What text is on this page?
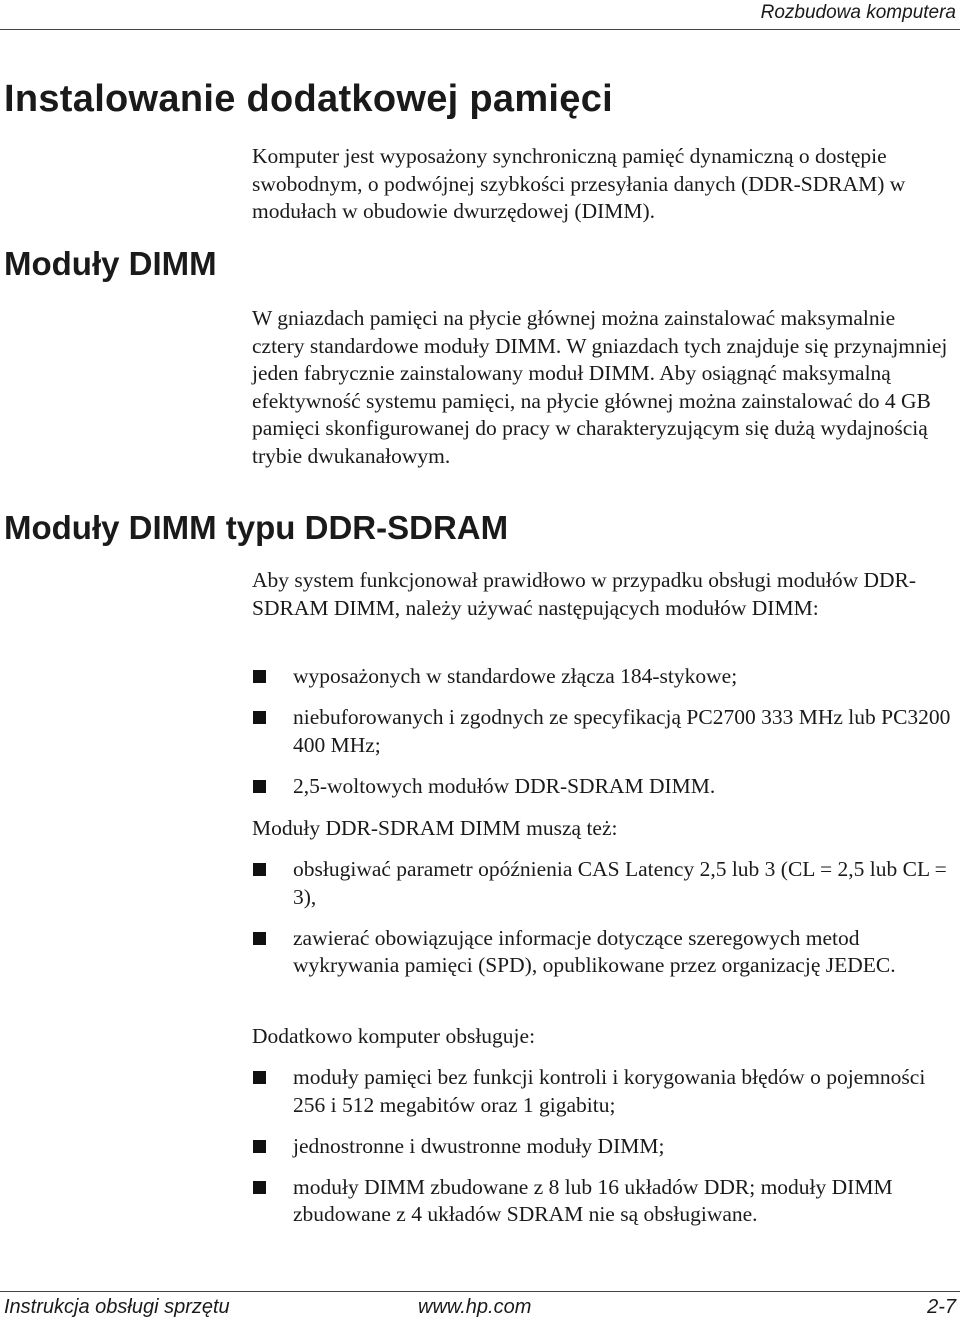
Rozbudowa komputera
Instalowanie dodatkowej pamięci

Komputer jest wyposażony synchroniczną pamięć dynamiczną o dostępie swobodnym, o podwójnej szybkości przesyłania danych (DDR-SDRAM) w modułach w obudowie dwurzędowej (DIMM).

Moduły DIMM

W gniazdach pamięci na płycie głównej można zainstalować maksymalnie cztery standardowe moduły DIMM. W gniazdach tych znajduje się przynajmniej jeden fabrycznie zainstalowany moduł DIMM. Aby osiągnąć maksymalną efektywność systemu pamięci, na płycie głównej można zainstalować do 4 GB pamięci skonfigurowanej do pracy w charakteryzującym się dużą wydajnością trybie dwukanałowym.

Moduły DIMM typu DDR-SDRAM

Aby system funkcjonował prawidłowo w przypadku obsługi modułów DDR-SDRAM DIMM, należy używać następujących modułów DIMM:

wyposażonych w standardowe złącza 184-stykowe;
niebuforowanych i zgodnych ze specyfikacją PC2700 333 MHz lub PC3200 400 MHz;
2,5-woltowych modułów DDR-SDRAM DIMM.

Moduły DDR-SDRAM DIMM muszą też:

obsługiwać parametr opóźnienia CAS Latency 2,5 lub 3 (CL = 2,5 lub CL = 3),
zawierać obowiązujące informacje dotyczące szeregowych metod wykrywania pamięci (SPD), opublikowane przez organizację JEDEC.

Dodatkowo komputer obsługuje:

moduły pamięci bez funkcji kontroli i korygowania błędów o pojemności 256 i 512 megabitów oraz 1 gigabitu;
jednostronne i dwustronne moduły DIMM;
moduły DIMM zbudowane z 8 lub 16 układów DDR; moduły DIMM zbudowane z 4 układów SDRAM nie są obsługiwane.
Instrukcja obsługi sprzętu	www.hp.com	2-7
